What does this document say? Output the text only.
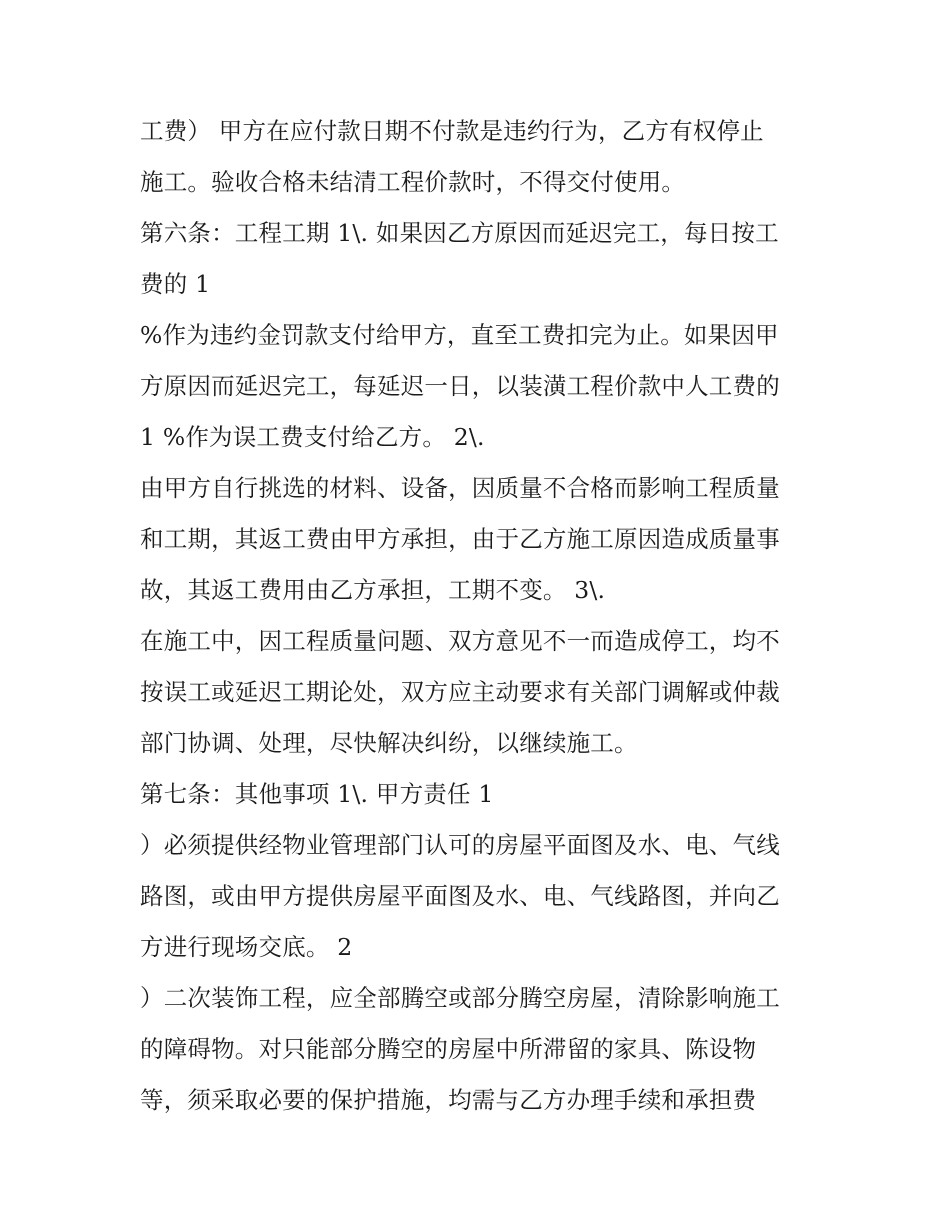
工费） 甲方在应付款日期不付款是违约行为，乙方有权停止
施工。验收合格未结清工程价款时，不得交付使用。
第六条：工程工期 1\. 如果因乙方原因而延迟完工，每日按工
费的 1
%作为违约金罚款支付给甲方，直至工费扣完为止。如果因甲
方原因而延迟完工，每延迟一日，以装潢工程价款中人工费的
1 %作为误工费支付给乙方。 2\.
由甲方自行挑选的材料、设备，因质量不合格而影响工程质量
和工期，其返工费由甲方承担，由于乙方施工原因造成质量事
故，其返工费用由乙方承担，工期不变。 3\.
在施工中，因工程质量问题、双方意见不一而造成停工，均不
按误工或延迟工期论处，双方应主动要求有关部门调解或仲裁
部门协调、处理，尽快解决纠纷，以继续施工。
第七条：其他事项 1\. 甲方责任 1
）必须提供经物业管理部门认可的房屋平面图及水、电、气线
路图，或由甲方提供房屋平面图及水、电、气线路图，并向乙
方进行现场交底。 2
）二次装饰工程，应全部腾空或部分腾空房屋，清除影响施工
的障碍物。对只能部分腾空的房屋中所滞留的家具、陈设物
等，须采取必要的保护措施，均需与乙方办理手续和承担费
